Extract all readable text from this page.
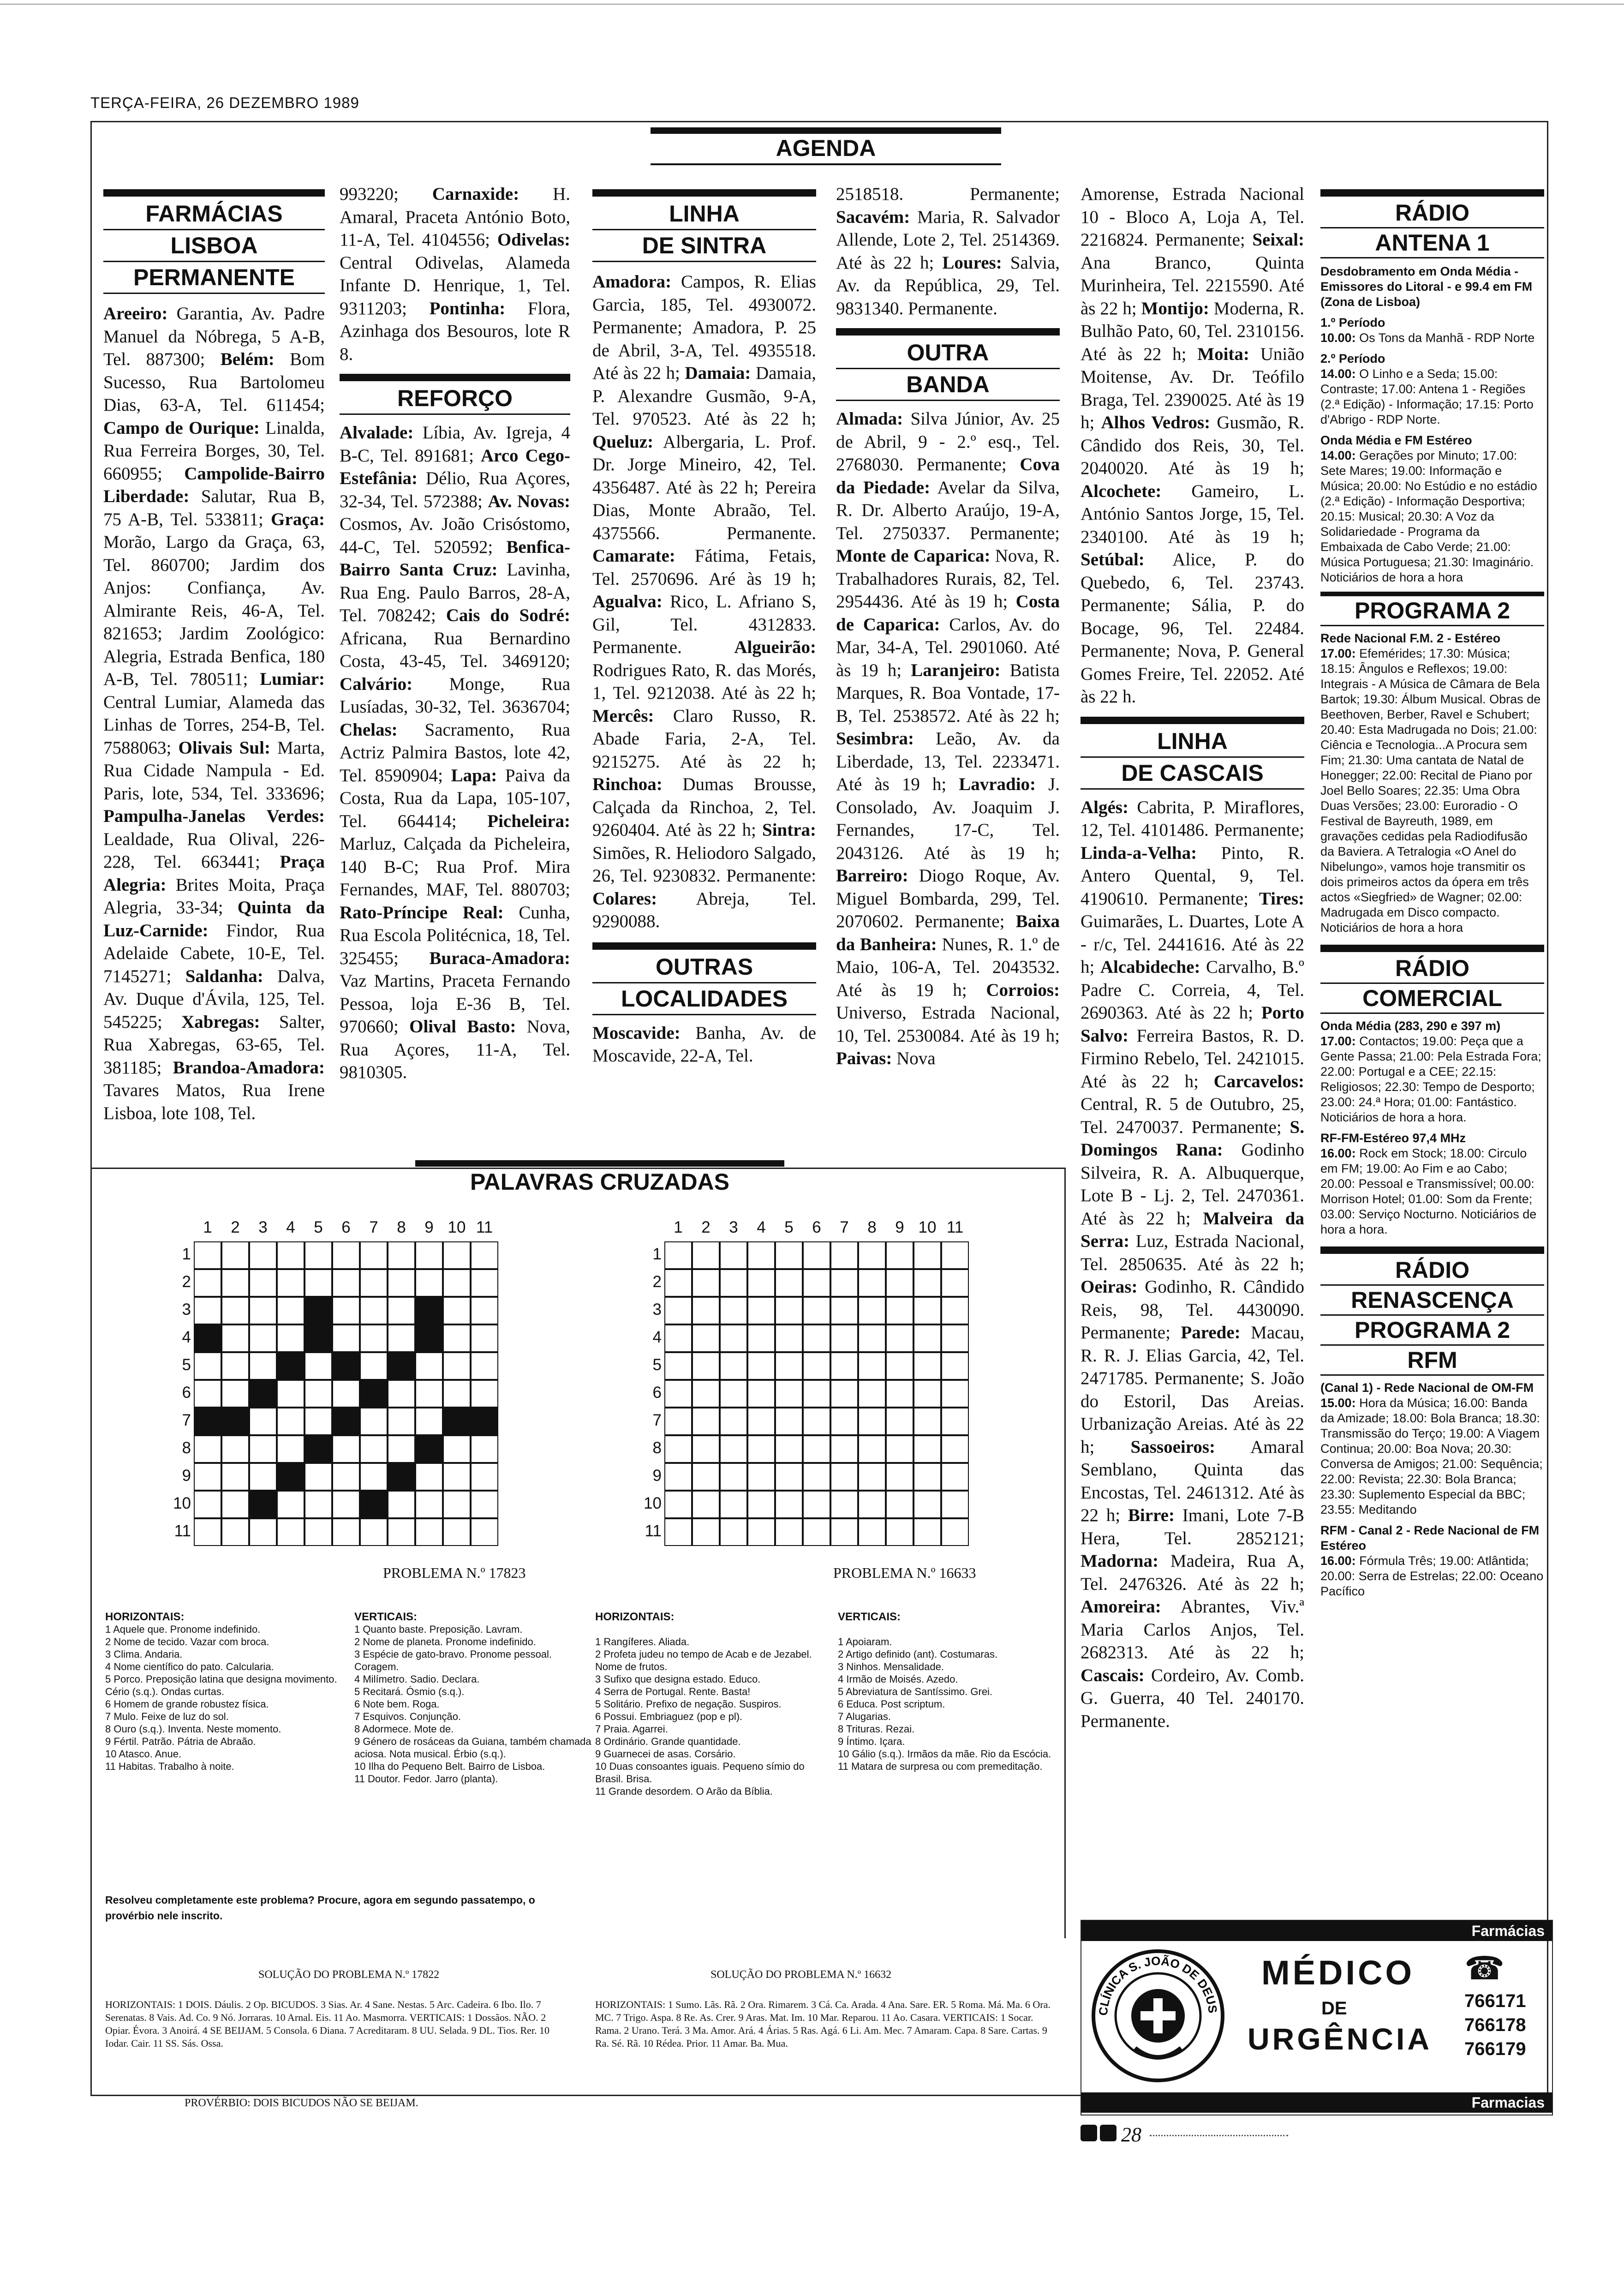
TERÇA-FEIRA, 26 DEZEMBRO 1989
AGENDA
FARMÁCIAS
LISBOA
PERMANENTE
Areeiro: Garantia, Av. Padre Manuel da Nóbrega, 5 A-B, Tel. 887300; Belém: Bom Sucesso, Rua Bartolomeu Dias, 63-A, Tel. 611454; Campo de Ourique: Linalda, Rua Ferreira Borges, 30, Tel. 660955; Campolide-Bairro Liberdade: Salutar, Rua B, 75 A-B, Tel. 533811; Graça: Morão, Largo da Graça, 63, Tel. 860700; Jardim dos Anjos: Confiança, Av. Almirante Reis, 46-A, Tel. 821653; Jardim Zoológico: Alegria, Estrada Benfica, 180 A-B, Tel. 780511; Lumiar: Central Lumiar, Alameda das Linhas de Torres, 254-B, Tel. 7588063; Olivais Sul: Marta, Rua Cidade Nampula - Ed. Paris, lote, 534, Tel. 333696; Pampulha-Janelas Verdes: Lealdade, Rua Olival, 226-228, Tel. 663441; Praça Alegria: Brites Moita, Praça Alegria, 33-34; Quinta da Luz-Carnide: Findor, Rua Adelaide Cabete, 10-E, Tel. 7145271; Saldanha: Dalva, Av. Duque d'Ávila, 125, Tel. 545225; Xabregas: Salter, Rua Xabregas, 63-65, Tel. 381185; Brandoa-Amadora: Tavares Matos, Rua Irene Lisboa, lote 108, Tel.
993220; Carnaxide: H. Amaral, Praceta António Boto, 11-A, Tel. 4104556; Odivelas: Central Odivelas, Alameda Infante D. Henrique, 1, Tel. 9311203; Pontinha: Flora, Azinhaga dos Besouros, lote R 8.
REFORÇO
Alvalade: Líbia, Av. Igreja, 4 B-C, Tel. 891681; Arco Cego-Estefânia: Délio, Rua Açores, 32-34, Tel. 572388; Av. Novas: Cosmos, Av. João Crisóstomo, 44-C, Tel. 520592; Benfica-Bairro Santa Cruz: Lavinha, Rua Eng. Paulo Barros, 28-A, Tel. 708242; Cais do Sodré: Africana, Rua Bernardino Costa, 43-45, Tel. 3469120; Calvário: Monge, Rua Lusíadas, 30-32, Tel. 3636704; Chelas: Sacramento, Rua Actriz Palmira Bastos, lote 42, Tel. 8590904; Lapa: Paiva da Costa, Rua da Lapa, 105-107, Tel. 664414; Picheleira: Marluz, Calçada da Picheleira, 140 B-C; Rua Prof. Mira Fernandes, MAF, Tel. 880703; Rato-Príncipe Real: Cunha, Rua Escola Politécnica, 18, Tel. 325455; Buraca-Amadora: Vaz Martins, Praceta Fernando Pessoa, loja E-36 B, Tel. 970660; Olival Basto: Nova, Rua Açores, 11-A, Tel. 9810305.
LINHA
DE SINTRA
Amadora: Campos, R. Elias Garcia, 185, Tel. 4930072. Permanente; Amadora, P. 25 de Abril, 3-A, Tel. 4935518. Até às 22 h; Damaia: Damaia, P. Alexandre Gusmão, 9-A, Tel. 970523. Até às 22 h; Queluz: Albergaria, L. Prof. Dr. Jorge Mineiro, 42, Tel. 4356487. Até às 22 h; Pereira Dias, Monte Abraão, Tel. 4375566. Permanente. Camarate: Fátima, Fetais, Tel. 2570696. Aré às 19 h; Agualva: Rico, L. Afriano S, Gil, Tel. 4312833. Permanente. Algueirão: Rodrigues Rato, R. das Morés, 1, Tel. 9212038. Até às 22 h; Mercês: Claro Russo, R. Abade Faria, 2-A, Tel. 9215275. Até às 22 h; Rinchoa: Dumas Brousse, Calçada da Rinchoa, 2, Tel. 9260404. Até às 22 h; Sintra: Simões, R. Heliodoro Salgado, 26, Tel. 9230832. Permanente: Colares: Abreja, Tel. 9290088.
OUTRAS
LOCALIDADES
Moscavide: Banha, Av. de Moscavide, 22-A, Tel.
2518518. Permanente; Sacavém: Maria, R. Salvador Allende, Lote 2, Tel. 2514369. Até às 22 h; Loures: Salvia, Av. da República, 29, Tel. 9831340. Permanente.
OUTRA
BANDA
Almada: Silva Júnior, Av. 25 de Abril, 9 - 2.º esq., Tel. 2768030. Permanente; Cova da Piedade: Avelar da Silva, R. Dr. Alberto Araújo, 19-A, Tel. 2750337. Permanente; Monte de Caparica: Nova, R. Trabalhadores Rurais, 82, Tel. 2954436. Até às 19 h; Costa de Caparica: Carlos, Av. do Mar, 34-A, Tel. 2901060. Até às 19 h; Laranjeiro: Batista Marques, R. Boa Vontade, 17-B, Tel. 2538572. Até às 22 h; Sesimbra: Leão, Av. da Liberdade, 13, Tel. 2233471. Até às 19 h; Lavradio: J. Consolado, Av. Joaquim J. Fernandes, 17-C, Tel. 2043126. Até às 19 h; Barreiro: Diogo Roque, Av. Miguel Bombarda, 299, Tel. 2070602. Permanente; Baixa da Banheira: Nunes, R. 1.º de Maio, 106-A, Tel. 2043532. Até às 19 h; Corroios: Universo, Estrada Nacional, 10, Tel. 2530084. Até às 19 h; Paivas: Nova
Amorense, Estrada Nacional 10 - Bloco A, Loja A, Tel. 2216824. Permanente; Seixal: Ana Branco, Quinta Murinheira, Tel. 2215590. Até às 22 h; Montijo: Moderna, R. Bulhão Pato, 60, Tel. 2310156. Até às 22 h; Moita: União Moitense, Av. Dr. Teófilo Braga, Tel. 2390025. Até às 19 h; Alhos Vedros: Gusmão, R. Cândido dos Reis, 30, Tel. 2040020. Até às 19 h; Alcochete: Gameiro, L. António Santos Jorge, 15, Tel. 2340100. Até às 19 h; Setúbal: Alice, P. do Quebedo, 6, Tel. 23743. Permanente; Sália, P. do Bocage, 96, Tel. 22484. Permanente; Nova, P. General Gomes Freire, Tel. 22052. Até às 22 h.
LINHA
DE CASCAIS
Algés: Cabrita, P. Miraflores, 12, Tel. 4101486. Permanente; Linda-a-Velha: Pinto, R. Antero Quental, 9, Tel. 4190610. Permanente; Tires: Guimarães, L. Duartes, Lote A - r/c, Tel. 2441616. Até às 22 h; Alcabideche: Carvalho, B.º Padre C. Correia, 4, Tel. 2690363. Até às 22 h; Porto Salvo: Ferreira Bastos, R. D. Firmino Rebelo, Tel. 2421015. Até às 22 h; Carcavelos: Central, R. 5 de Outubro, 25, Tel. 2470037. Permanente; S. Domingos Rana: Godinho Silveira, R. A. Albuquerque, Lote B - Lj. 2, Tel. 2470361. Até às 22 h; Malveira da Serra: Luz, Estrada Nacional, Tel. 2850635. Até às 22 h; Oeiras: Godinho, R. Cândido Reis, 98, Tel. 4430090. Permanente; Parede: Macau, R. R. J. Elias Garcia, 42, Tel. 2471785. Permanente; S. João do Estoril, Das Areias. Urbanização Areias. Até às 22 h; Sassoeiros: Amaral Semblano, Quinta das Encostas, Tel. 2461312. Até às 22 h; Birre: Imani, Lote 7-B Hera, Tel. 2852121; Madorna: Madeira, Rua A, Tel. 2476326. Até às 22 h; Amoreira: Abrantes, Viv.ª Maria Carlos Anjos, Tel. 2682313. Até às 22 h; Cascais: Cordeiro, Av. Comb. G. Guerra, 40 Tel. 240170. Permanente.
RÁDIO
ANTENA 1
Desdobramento em Onda Média - Emissores do Litoral - e 99.4 em FM (Zona de Lisboa)
1.º Período
10.00: Os Tons da Manhã - RDP Norte
2.º Período
14.00: O Linho e a Seda; 15.00: Contraste; 17.00: Antena 1 - Regiões (2.ª Edição) - Informação; 17.15: Porto d'Abrigo - RDP Norte.
Onda Média e FM Estéreo
14.00: Gerações por Minuto; 17.00: Sete Mares; 19.00: Informação e Música; 20.00: No Estúdio e no estádio (2.ª Edição) - Informação Desportiva; 20.15: Musical; 20.30: A Voz da Solidariedade - Programa da Embaixada de Cabo Verde; 21.00: Música Portuguesa; 21.30: Imaginário. Noticiários de hora a hora
PROGRAMA 2
Rede Nacional F.M. 2 - Estéreo
17.00: Efemérides; 17.30: Música; 18.15: Ângulos e Reflexos; 19.00: Integrais - A Música de Câmara de Bela Bartok; 19.30: Álbum Musical. Obras de Beethoven, Berber, Ravel e Schubert; 20.40: Esta Madrugada no Dois; 21.00: Ciência e Tecnologia...A Procura sem Fim; 21.30: Uma cantata de Natal de Honegger; 22.00: Recital de Piano por Joel Bello Soares; 22.35: Uma Obra Duas Versões; 23.00: Euroradio - O Festival de Bayreuth, 1989, em gravações cedidas pela Radiodifusão da Baviera. A Tetralogia «O Anel do Nibelungo», vamos hoje transmitir os dois primeiros actos da ópera em três actos «Siegfried» de Wagner; 02.00: Madrugada em Disco compacto. Noticiários de hora a hora
RÁDIO
COMERCIAL
Onda Média (283, 290 e 397 m)
17.00: Contactos; 19.00: Peça que a Gente Passa; 21.00: Pela Estrada Fora; 22.00: Portugal e a CEE; 22.15: Religiosos; 22.30: Tempo de Desporto; 23.00: 24.ª Hora; 01.00: Fantástico. Noticiários de hora a hora.
RF-FM-Estéreo 97,4 MHz
16.00: Rock em Stock; 18.00: Circulo em FM; 19.00: Ao Fim e ao Cabo; 20.00: Pessoal e Transmissível; 00.00: Morrison Hotel; 01.00: Som da Frente; 03.00: Serviço Nocturno. Noticiários de hora a hora.
RÁDIO
RENASCENÇA
PROGRAMA 2
RFM
(Canal 1) - Rede Nacional de OM-FM
15.00: Hora da Música; 16.00: Banda da Amizade; 18.00: Bola Branca; 18.30: Transmissão do Terço; 19.00: A Viagem Continua; 20.00: Boa Nova; 20.30: Conversa de Amigos; 21.00: Sequência; 22.00: Revista; 22.30: Bola Branca; 23.30: Suplemento Especial da BBC; 23.55: Meditando
RFM - Canal 2 - Rede Nacional de FM Estéreo
16.00: Fórmula Três; 19.00: Atlântida; 20.00: Serra de Estrelas; 22.00: Oceano Pacífico
PALAVRAS CRUZADAS
1	2	3	4	5	6	7	8	9 10 11
1
2
3
4
5
6
7
8
9
10
11
1	2	3	4	5	6	7	8	9 10 11
1
2
3
4
5
6
7
8
9
10
11
PROBLEMA N.º 17823	PROBLEMA N.º 16633
HORIZONTAIS:
1 Aquele que. Pronome indefinido.
2 Nome de tecido. Vazar com broca.
3 Clima. Andaria.
4 Nome científico do pato. Calcularia.
5 Porco. Preposição latina que designa movimento. Cério (s.q.). Ondas curtas.
6 Homem de grande robustez física.
7 Mulo. Feixe de luz do sol.
8 Ouro (s.q.). Inventa. Neste momento.
9 Fértil. Patrão. Pátria de Abraão.
10 Atasco. Anue.
11 Habitas. Trabalho à noite.
VERTICAIS:
1 Quanto baste. Preposição. Lavram.
2 Nome de planeta. Pronome indefinido.
3 Espécie de gato-bravo. Pronome pessoal. Coragem.
4 Milímetro. Sadio. Declara.
5 Recitará. Ósmio (s.q.).
6 Note bem. Roga.
7 Esquivos. Conjunção.
8 Adormece. Mote de.
9 Género de rosáceas da Guiana, também chamada aciosa. Nota musical. Érbio (s.q.).
10 Ilha do Pequeno Belt. Bairro de Lisboa.
11 Doutor. Fedor. Jarro (planta).
HORIZONTAIS:
1 Rangíferes. Aliada.
2 Profeta judeu no tempo de Acab e de Jezabel. Nome de frutos.
3 Sufixo que designa estado. Educo.
4 Serra de Portugal. Rente. Basta!
5 Solitário. Prefixo de negação. Suspiros.
6 Possui. Embriaguez (pop e pl).
7 Praia. Agarrei.
8 Ordinário. Grande quantidade.
9 Guarnecei de asas. Corsário.
10 Duas consoantes iguais. Pequeno símio do Brasil. Brisa.
11 Grande desordem. O Arão da Bíblia.
VERTICAIS:
1 Apoiaram.
2 Artigo definido (ant). Costumaras.
3 Ninhos. Mensalidade.
4 Irmão de Moisés. Azedo.
5 Abreviatura de Santíssimo. Grei.
6 Educa. Post scriptum.
7 Alugarias.
8 Trituras. Rezai.
9 Íntimo. Içara.
10 Gálio (s.q.). Irmãos da mãe. Rio da Escócia.
11 Matara de surpresa ou com premeditação.
Resolveu completamente este problema? Procure, agora em segundo passatempo, o provérbio nele inscrito.
SOLUÇÃO DO PROBLEMA N.º 17822
HORIZONTAIS: 1 DOIS. Dáulis. 2 Op. BICUDOS. 3 Sias. Ar. 4 Sane. Nestas. 5 Arc. Cadeira. 6 Ibo. Ilo. 7 Serenatas. 8 Vais. Ad. Co. 9 Nó. Jorraras. 10 Arnal. Eis. 11 Ao. Masmorra. VERTICAIS: 1 Dossãos. NÃO. 2 Opiar. Évora. 3 Anoirá. 4 SE BEIJAM. 5 Consola. 6 Diana. 7 Acreditaram. 8 UU. Selada. 9 DL. Tios. Rer. 10 Iodar. Cair. 11 SS. Sás. Ossa.
SOLUÇÃO DO PROBLEMA N.º 16632
HORIZONTAIS: 1 Sumo. Lãs. Rã. 2 Ora. Rimarem. 3 Cá. Ca. Arada. 4 Ana. Sare. ER. 5 Roma. Má. Ma. 6 Ora. MC. 7 Trigo. Aspa. 8 Re. As. Crer. 9 Aras. Mat. Im. 10 Mar. Reparou. 11 Ao. Casara. VERTICAIS: 1 Socar. Rama. 2 Urano. Terá. 3 Ma. Amor. Ará. 4 Árias. 5 Ras. Agá. 6 Li. Am. Mec. 7 Amaram. Capa. 8 Sare. Cartas. 9 Ra. Sé. Rã. 10 Rédea. Prior. 11 Amar. Ba. Mua.
PROVÉRBIO: DOIS BICUDOS NÃO SE BEIJAM.
Farmácias
CLÍNICA S. JOÃO DE DEUS
MÉDICO
DE
URGÊNCIA
☎
766171
766178
766179
Farmacias
28
